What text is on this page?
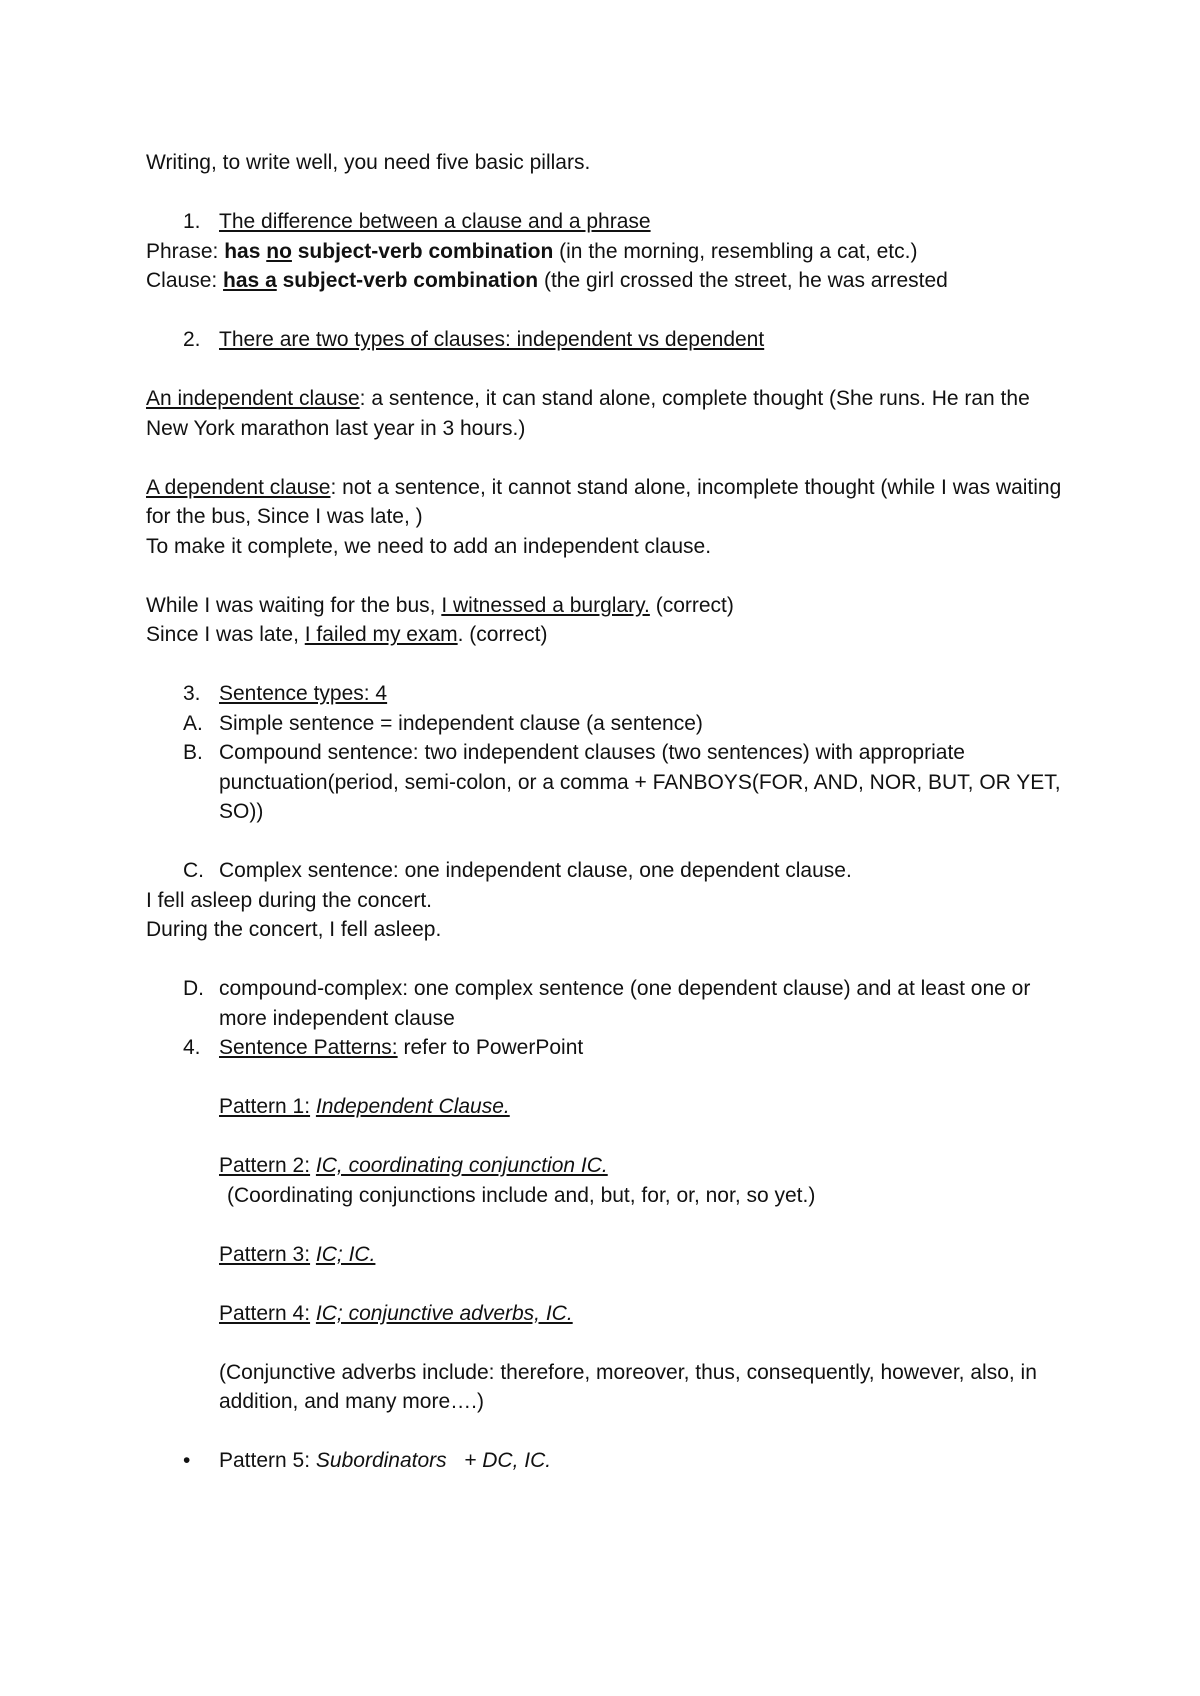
Writing, to write well, you need five basic pillars.

1. The difference between a clause and a phrase

Phrase: has no subject-verb combination (in the morning, resembling a cat, etc.)

Clause: has a subject-verb combination (the girl crossed the street, he was arrested

2. There are two types of clauses: independent vs dependent

An independent clause: a sentence, it can stand alone, complete thought (She runs. He ran the New York marathon last year in 3 hours.)

A dependent clause: not a sentence, it cannot stand alone, incomplete thought (while I was waiting for the bus, Since I was late, )

To make it complete, we need to add an independent clause.

While I was waiting for the bus, I witnessed a burglary. (correct)

Since I was late, I failed my exam. (correct)

3. Sentence types: 4

A. Simple sentence = independent clause (a sentence)

B. Compound sentence: two independent clauses (two sentences) with appropriate punctuation(period, semi-colon, or a comma + FANBOYS(FOR, AND, NOR, BUT, OR YET, SO))

C. Complex sentence: one independent clause, one dependent clause.

I fell asleep during the concert.

During the concert, I fell asleep.

D. compound-complex: one complex sentence (one dependent clause) and at least one or more independent clause

4. Sentence Patterns: refer to PowerPoint

Pattern 1: Independent Clause.

Pattern 2: IC, coordinating conjunction IC.

(Coordinating conjunctions include and, but, for, or, nor, so yet.)

Pattern 3: IC; IC.

Pattern 4: IC; conjunctive adverbs, IC.

(Conjunctive adverbs include: therefore, moreover, thus, consequently, however, also, in addition, and many more….)

• Pattern 5: Subordinators   + DC, IC.
